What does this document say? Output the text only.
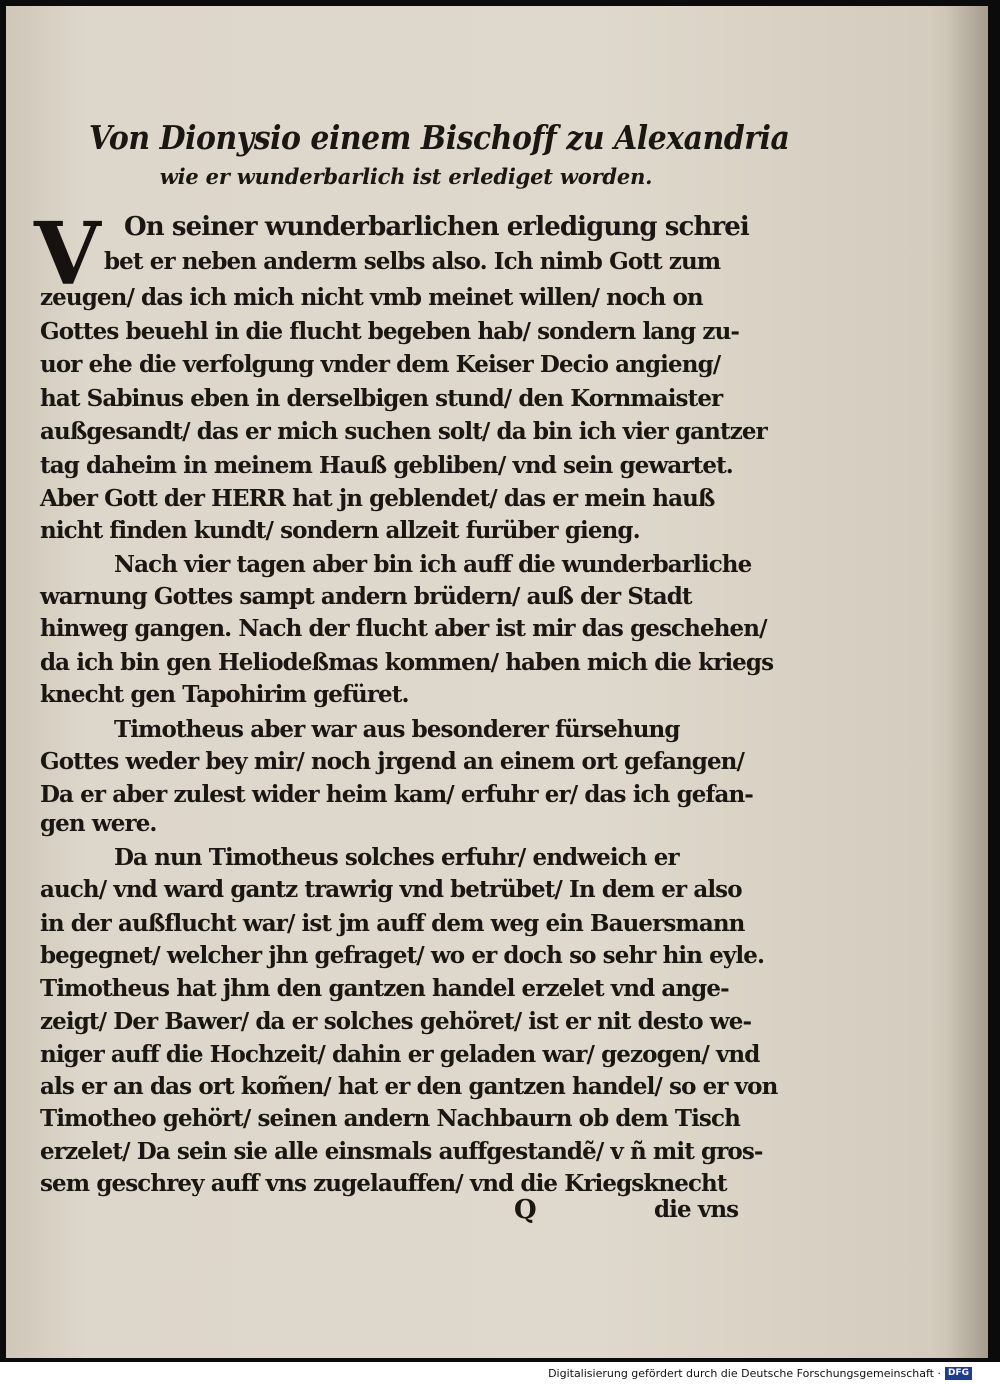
Von Dionysio einem Bischoff zu Alexandria
wie er wunderbarlich ist erlediget worden.
V On seiner wunderbarlichen erledigung schrei
bet er neben anderm selbs also. Ich nimb Gott zum
zeugen/ das ich mich nicht vmb meinet willen/ noch on
Gottes beuehl in die flucht begeben hab/ sondern lang zu-
uor ehe die verfolgung vnder dem Keiser Decio angieng/
hat Sabinus eben in derselbigen stund/ den Kornmaister
außgesandt/ das er mich suchen solt/ da bin ich vier gantzer
tag daheim in meinem Hauß gebliben/ vnd sein gewartet.
Aber Gott der HERR hat jn geblendet/ das er mein hauß
nicht finden kundt/ sondern allzeit furüber gieng.
Nach vier tagen aber bin ich auff die wunderbarliche
warnung Gottes sampt andern brüdern/ auß der Stadt
hinweg gangen. Nach der flucht aber ist mir das geschehen/
da ich bin gen Heliodeßmas kommen/ haben mich die kriegs
knecht gen Tapohirim gefüret.
Timotheus aber war aus besonderer fürsehung
Gottes weder bey mir/ noch jrgend an einem ort gefangen/
Da er aber zulest wider heim kam/ erfuhr er/ das ich gefan-
gen were.
Da nun Timotheus solches erfuhr/ endweich er
auch/ vnd ward gantz trawrig vnd betrübet/ In dem er also
in der außflucht war/ ist jm auff dem weg ein Bauersmann
begegnet/ welcher jhn gefraget/ wo er doch so sehr hin eyle.
Timotheus hat jhm den gantzen handel erzelet vnd ange-
zeigt/ Der Bawer/ da er solches gehöret/ ist er nit desto we-
niger auff die Hochzeit/ dahin er geladen war/ gezogen/ vnd
als er an das ort kom̃en/ hat er den gantzen handel/ so er von
Timotheo gehört/ seinen andern Nachbaurn ob dem Tisch
erzelet/ Da sein sie alle einsmals auffgestandẽ/ v ñ mit gros-
sem geschrey auff vns zugelauffen/ vnd die Kriegsknecht
Q	die vns
Digitalisierung gefördert durch die Deutsche Forschungsgemeinschaft · DFG
